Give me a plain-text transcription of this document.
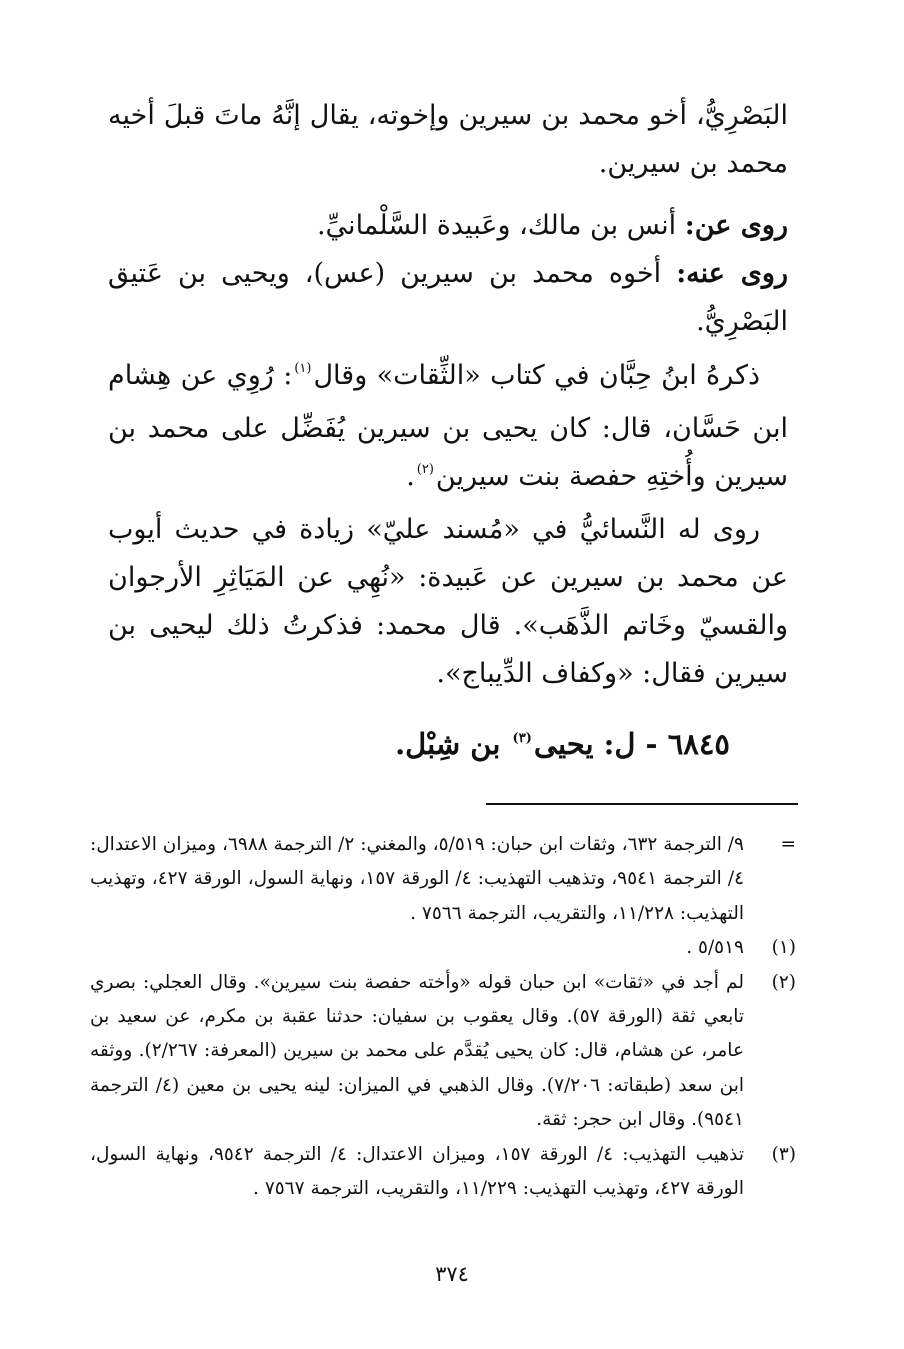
البَصْرِيُّ، أخو محمد بن سيرين وإخوته، يقال إنَّهُ ماتَ قبلَ أخيه محمد بن سيرين.

روى عن: أنس بن مالك، وعَبيدة السَّلْمانيِّ.

روى عنه: أخوه محمد بن سيرين (عس)، ويحيى بن عَتيق البَصْرِيُّ.

ذكرهُ ابنُ حِبَّان في كتاب «الثِّقات» وقال$^{(١)}$: رُوِي عن هِشام ابن حَسَّان، قال: كان يحيى بن سيرين يُفَضِّل على محمد بن سيرين وأُختِهِ حفصة بنت سيرين$^{(٢)}$.

روى له النَّسائيُّ في «مُسند عليّ» زيادة في حديث أيوب عن محمد بن سيرين عن عَبيدة: «نُهِي عن المَيَاثِرِ الأرجوان والقسيّ وخَاتم الذَّهَب». قال محمد: فذكرتُ ذلك ليحيى بن سيرين فقال: «وكفاف الدِّيباج».

٦٨٤٥ - ل: يحيى$^{(٣)}$ بن شِبْل.

=
٩/ الترجمة ٦٣٢، وثقات ابن حبان: ٥/٥١٩، والمغني: ٢/ الترجمة ٦٩٨٨، وميزان الاعتدال: ٤/ الترجمة ٩٥٤١، وتذهيب التهذيب: ٤/ الورقة ١٥٧، ونهاية السول، الورقة ٤٢٧، وتهذيب التهذيب: ١١/٢٢٨، والتقريب، الترجمة ٧٥٦٦ .

(١)
٥/٥١٩ .

(٢)
لم أجد في «ثقات» ابن حبان قوله «وأخته حفصة بنت سيرين». وقال العجلي: بصري تابعي ثقة (الورقة ٥٧). وقال يعقوب بن سفيان: حدثنا عقبة بن مكرم، عن سعيد بن عامر، عن هشام، قال: كان يحيى يُقدَّم على محمد بن سيرين (المعرفة: ٢/٢٦٧). ووثقه ابن سعد (طبقاته: ٧/٢٠٦). وقال الذهبي في الميزان: لينه يحيى بن معين (٤/ الترجمة ٩٥٤١). وقال ابن حجر: ثقة.

(٣)
تذهيب التهذيب: ٤/ الورقة ١٥٧، وميزان الاعتدال: ٤/ الترجمة ٩٥٤٢، ونهاية السول، الورقة ٤٢٧، وتهذيب التهذيب: ١١/٢٢٩، والتقريب، الترجمة ٧٥٦٧ .

٣٧٤
